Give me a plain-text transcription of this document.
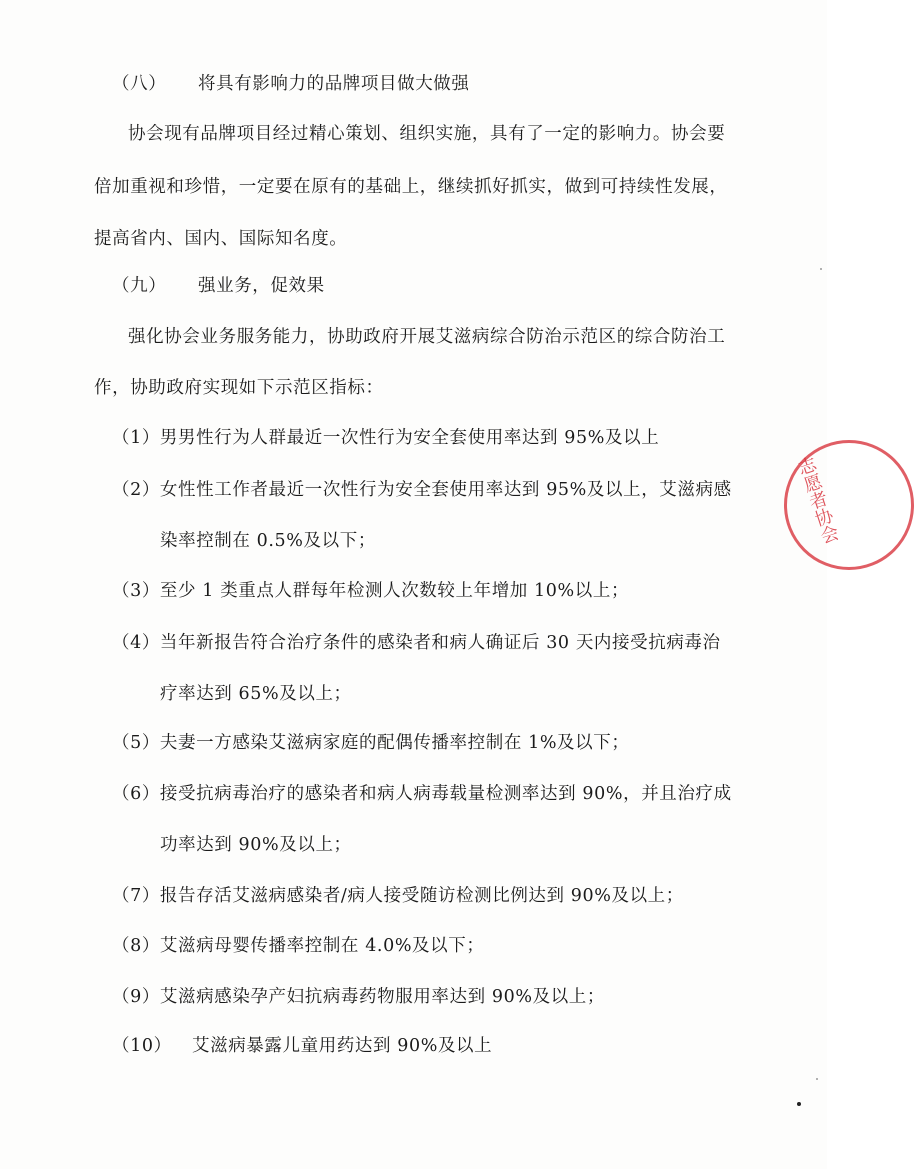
（八） 将具有影响力的品牌项目做大做强
协会现有品牌项目经过精心策划、组织实施，具有了一定的影响力。协会要
倍加重视和珍惜，一定要在原有的基础上，继续抓好抓实，做到可持续性发展，
提高省内、国内、国际知名度。
（九） 强业务，促效果
强化协会业务服务能力，协助政府开展艾滋病综合防治示范区的综合防治工
作，协助政府实现如下示范区指标：
（1）男男性行为人群最近一次性行为安全套使用率达到 95%及以上
（2）女性性工作者最近一次性行为安全套使用率达到 95%及以上，艾滋病感
染率控制在 0.5%及以下；
（3）至少 1 类重点人群每年检测人次数较上年增加 10%以上；
（4）当年新报告符合治疗条件的感染者和病人确证后 30 天内接受抗病毒治
疗率达到 65%及以上；
（5）夫妻一方感染艾滋病家庭的配偶传播率控制在 1%及以下；
（6）接受抗病毒治疗的感染者和病人病毒载量检测率达到 90%，并且治疗成
功率达到 90%及以上；
（7）报告存活艾滋病感染者/病人接受随访检测比例达到 90%及以上；
（8）艾滋病母婴传播率控制在 4.0%及以下；
（9）艾滋病感染孕产妇抗病毒药物服用率达到 90%及以上；
（10） 艾滋病暴露儿童用药达到 90%及以上
志愿者协会
